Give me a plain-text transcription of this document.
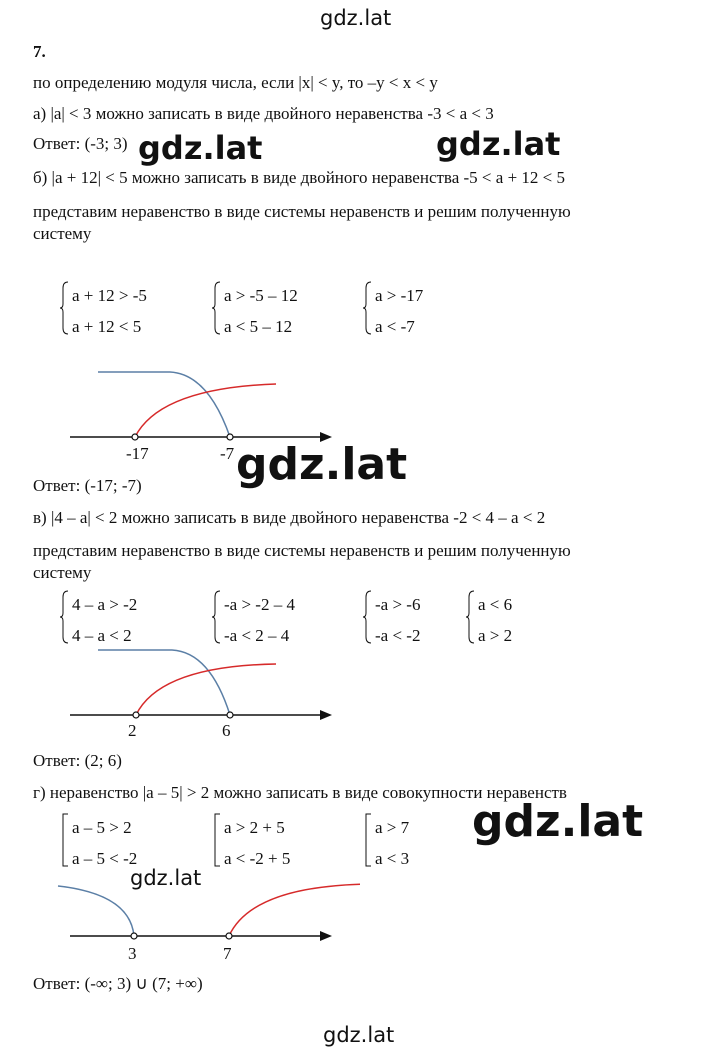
gdz.lat
gdz.lat
7.
по определению модуля числа, если |x| < y, то –y < x < y
а) |a| < 3 можно записать в виде двойного неравенства -3 < a < 3
Ответ: (-3; 3) gdz.lat	gdz.lat
б) |a + 12| < 5 можно записать в виде двойного неравенства -5 < a + 12 < 5
представим неравенство в виде системы неравенств и решим полученную
систему
a + 12 > -5
a + 12 < 5
a > -5 – 12
a < 5 – 12
a > -17
a < -7
-17	-7
Ответ: (-17; -7) gdz.lat
в) |4 – a| < 2 можно записать в виде двойного неравенства -2 < 4 – a < 2
представим неравенство в виде системы неравенств и решим полученную
систему
4 – a > -2
4 – a < 2
-a > -2 – 4
-a < 2 – 4
-a > -6
-a < -2
a < 6
a > 2
2	6
Ответ: (2; 6)
г) неравенство |a – 5| > 2 можно записать в виде совокупности неравенств
a – 5 > 2
a – 5 < -2
a > 2 + 5
a < -2 + 5
a > 7
a < 3
gdz.lat
gdz.lat
3	7
Ответ: (-∞; 3) ∪ (7; +∞)
